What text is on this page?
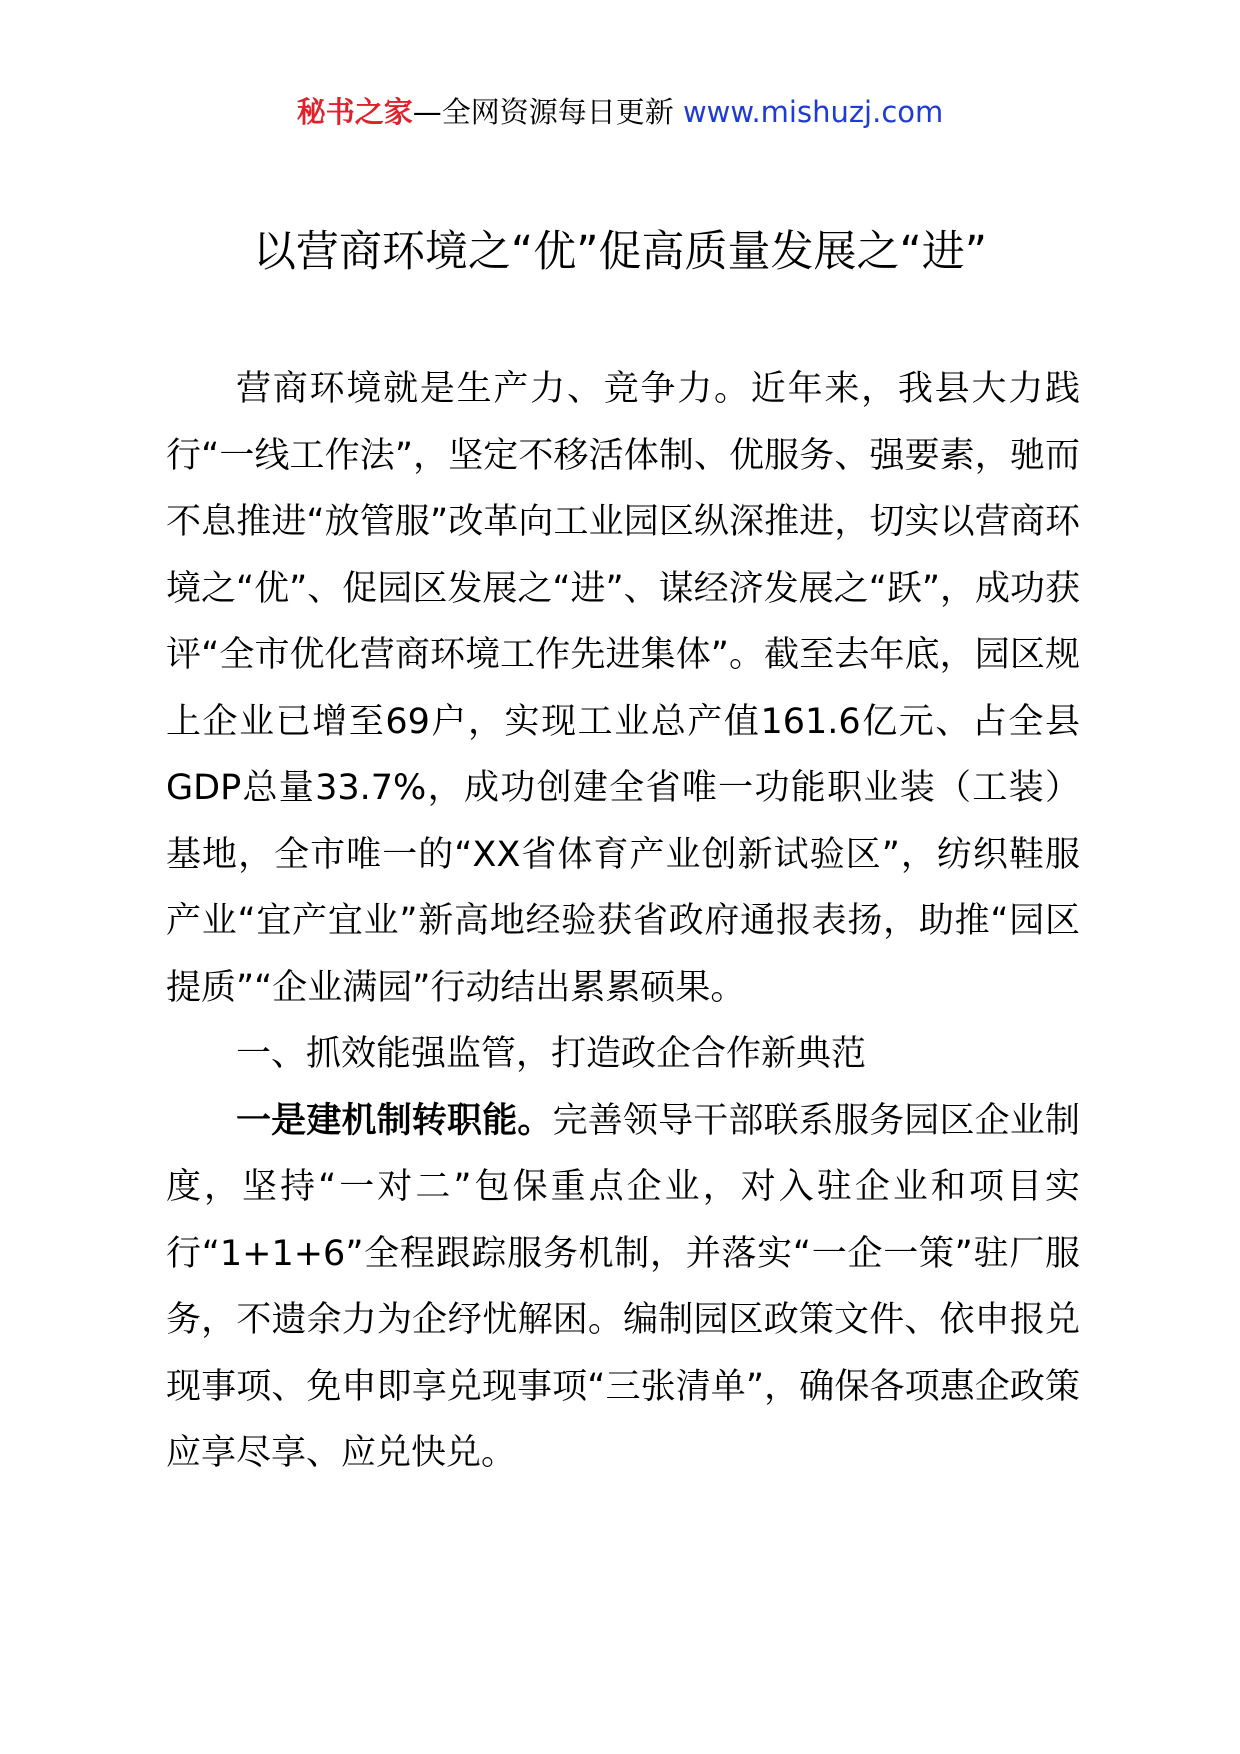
秘书之家—全网资源每日更新 www.mishuzj.com
以营商环境之“优”促高质量发展之“进”

营商环境就是生产力、竞争力。近年来，我县大力践行“一线工作法”，坚定不移活体制、优服务、强要素，驰而不息推进“放管服”改革向工业园区纵深推进，切实以营商环境之“优”、促园区发展之“进”、谋经济发展之“跃”，成功获评“全市优化营商环境工作先进集体”。截至去年底，园区规上企业已增至69户，实现工业总产值161.6亿元、占全县GDP总量33.7%，成功创建全省唯一功能职业装（工装）基地，全市唯一的“XX省体育产业创新试验区”，纺织鞋服产业“宜产宜业”新高地经验获省政府通报表扬，助推“园区提质”“企业满园”行动结出累累硕果。

一、抓效能强监管，打造政企合作新典范

一是建机制转职能。完善领导干部联系服务园区企业制度，坚持“一对二”包保重点企业，对入驻企业和项目实行“1+1+6”全程跟踪服务机制，并落实“一企一策”驻厂服务，不遗余力为企纾忧解困。编制园区政策文件、依申报兑现事项、免申即享兑现事项“三张清单”，确保各项惠企政策应享尽享、应兑快兑。
